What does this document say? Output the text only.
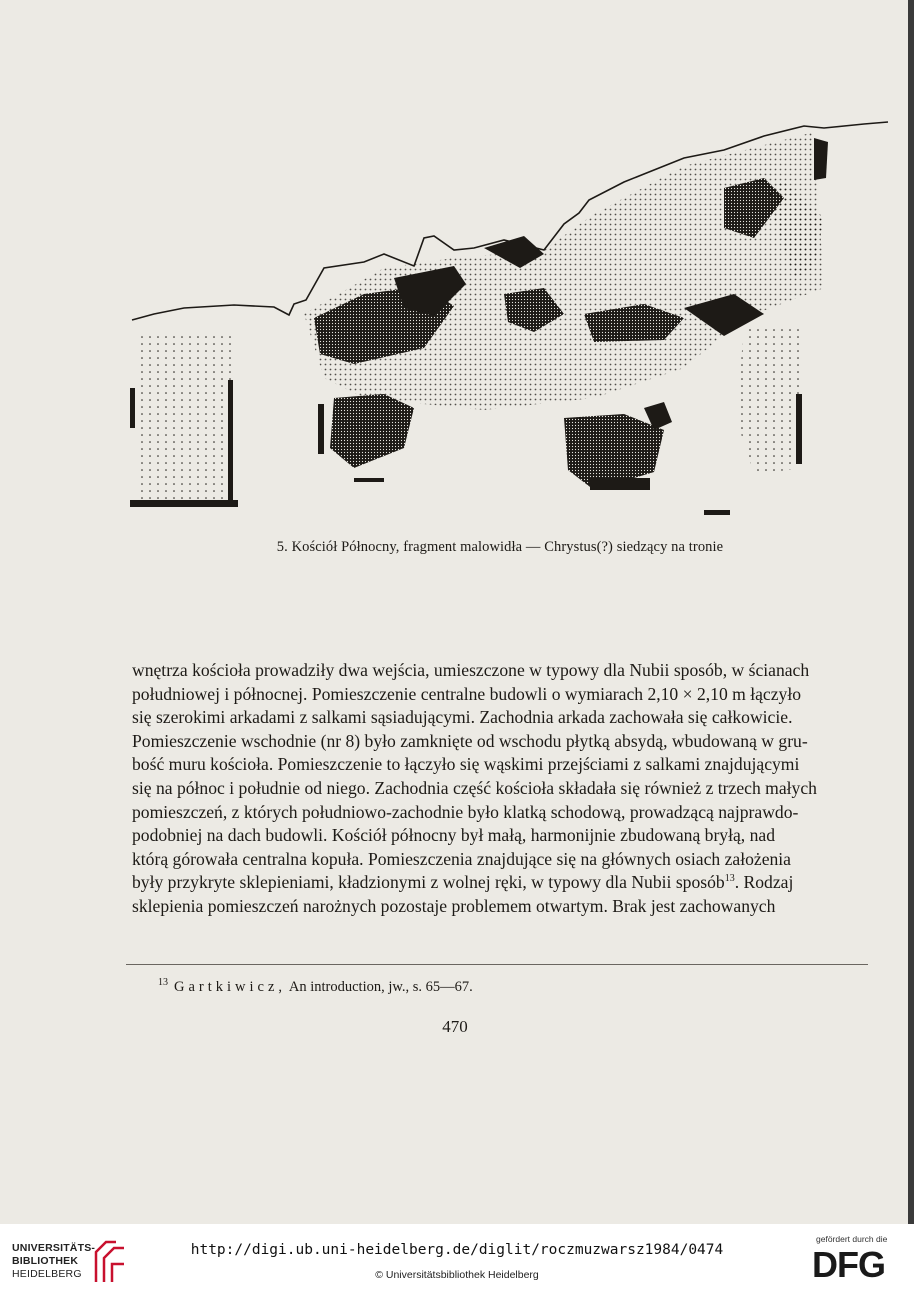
5. Kościół Północny, fragment malowidła — Chrystus(?) siedzący na tronie

wnętrza kościoła prowadziły dwa wejścia, umieszczone w typowy dla Nubii sposób, w ścianach

południowej i północnej. Pomieszczenie centralne budowli o wymiarach 2,10 × 2,10 m łączyło

się szerokimi arkadami z salkami sąsiadującymi. Zachodnia arkada zachowała się całkowicie.

Pomieszczenie wschodnie (nr 8) było zamknięte od wschodu płytką absydą, wbudowaną w gru-

bość muru kościoła. Pomieszczenie to łączyło się wąskimi przejściami z salkami znajdującymi

się na północ i południe od niego. Zachodnia część kościoła składała się również z trzech małych

pomieszczeń, z których południowo-zachodnie było klatką schodową, prowadzącą najprawdo-

podobniej na dach budowli. Kościół północny był małą, harmonijnie zbudowaną bryłą, nad

którą górowała centralna kopuła. Pomieszczenia znajdujące się na głównych osiach założenia

były przykryte sklepieniami, kładzionymi z wolnej ręki, w typowy dla Nubii sposób$^{13}$. Rodzaj

sklepienia pomieszczeń narożnych pozostaje problemem otwartym. Brak jest zachowanych

$^{13}$ Gartkiwicz, An introduction, jw., s. 65—67.
470
UNIVERSITÄTS-
BIBLIOTHEK
HEIDELBERG
http://digi.ub.uni-heidelberg.de/diglit/roczmuzwarsz1984/0474
© Universitätsbibliothek Heidelberg
gefördert durch die
DFG
